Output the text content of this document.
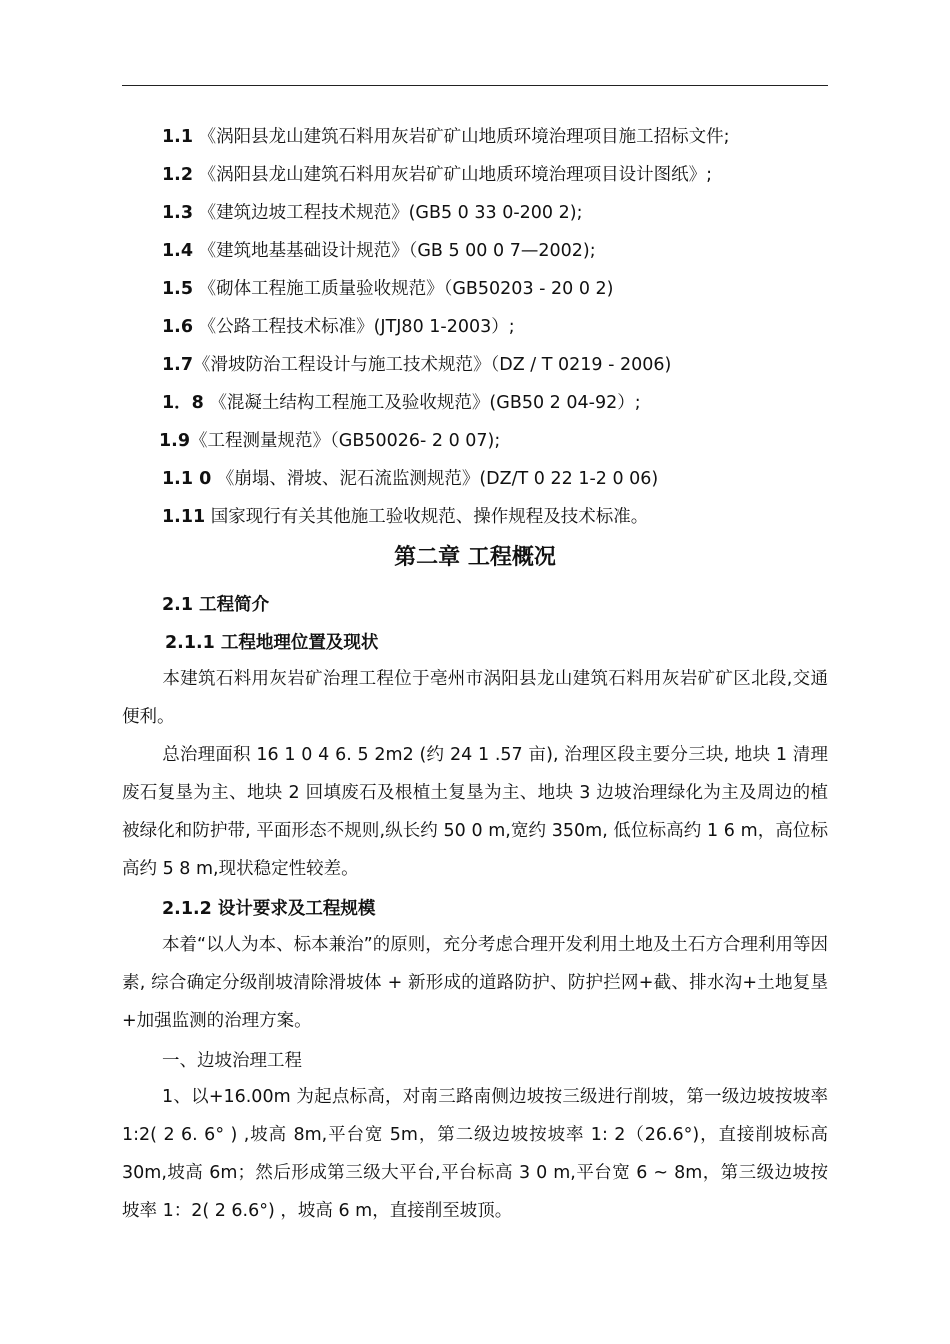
1.1 《涡阳县龙山建筑石料用灰岩矿矿山地质环境治理项目施工招标文件;
1.2 《涡阳县龙山建筑石料用灰岩矿矿山地质环境治理项目设计图纸》;
1.3 《建筑边坡工程技术规范》(GB5 0 33 0-200 2);
1.4 《建筑地基基础设计规范》（GB 5 00 0 7—2002);
1.5 《砌体工程施工质量验收规范》（GB50203 - 20 0 2)
1.6 《公路工程技术标准》(JTJ80 1-2003）;
1.7《滑坡防治工程设计与施工技术规范》（DZ / T 0219 - 2006)
1．8 《混凝土结构工程施工及验收规范》(GB50 2 04-92）;
1.9《工程测量规范》（GB50026- 2 0 07);
1.1 0 《崩塌、滑坡、泥石流监测规范》(DZ/T 0 22 1-2 0 06)
1.11 国家现行有关其他施工验收规范、操作规程及技术标准。
第二章 工程概况
2.1 工程简介
2.1.1 工程地理位置及现状
本建筑石料用灰岩矿治理工程位于亳州市涡阳县龙山建筑石料用灰岩矿矿区北段,交通便利。
总治理面积 16 1 0 4 6. 5 2m2 (约 24 1 .57 亩), 治理区段主要分三块, 地块 1 清理废石复垦为主、地块 2 回填废石及根植土复垦为主、地块 3 边坡治理绿化为主及周边的植被绿化和防护带, 平面形态不规则,纵长约 50 0 m,宽约 350m, 低位标高约 1 6 m，高位标高约 5 8 m,现状稳定性较差。
2.1.2 设计要求及工程规模
本着“以人为本、标本兼治”的原则，充分考虑合理开发利用土地及土石方合理利用等因素, 综合确定分级削坡清除滑坡体 + 新形成的道路防护、防护拦网+截、排水沟+土地复垦+加强监测的治理方案。
一、边坡治理工程
1、以+16.00m 为起点标高，对南三路南侧边坡按三级进行削坡，第一级边坡按坡率 1:2( 2 6. 6° ) ,坡高 8m,平台宽 5m，第二级边坡按坡率 1: 2（26.6°)，直接削坡标高 30m,坡高 6m；然后形成第三级大平台,平台标高 3 0 m,平台宽 6 ~ 8m，第三级边坡按坡率 1：2( 2 6.6°) ，坡高 6 m，直接削至坡顶。
